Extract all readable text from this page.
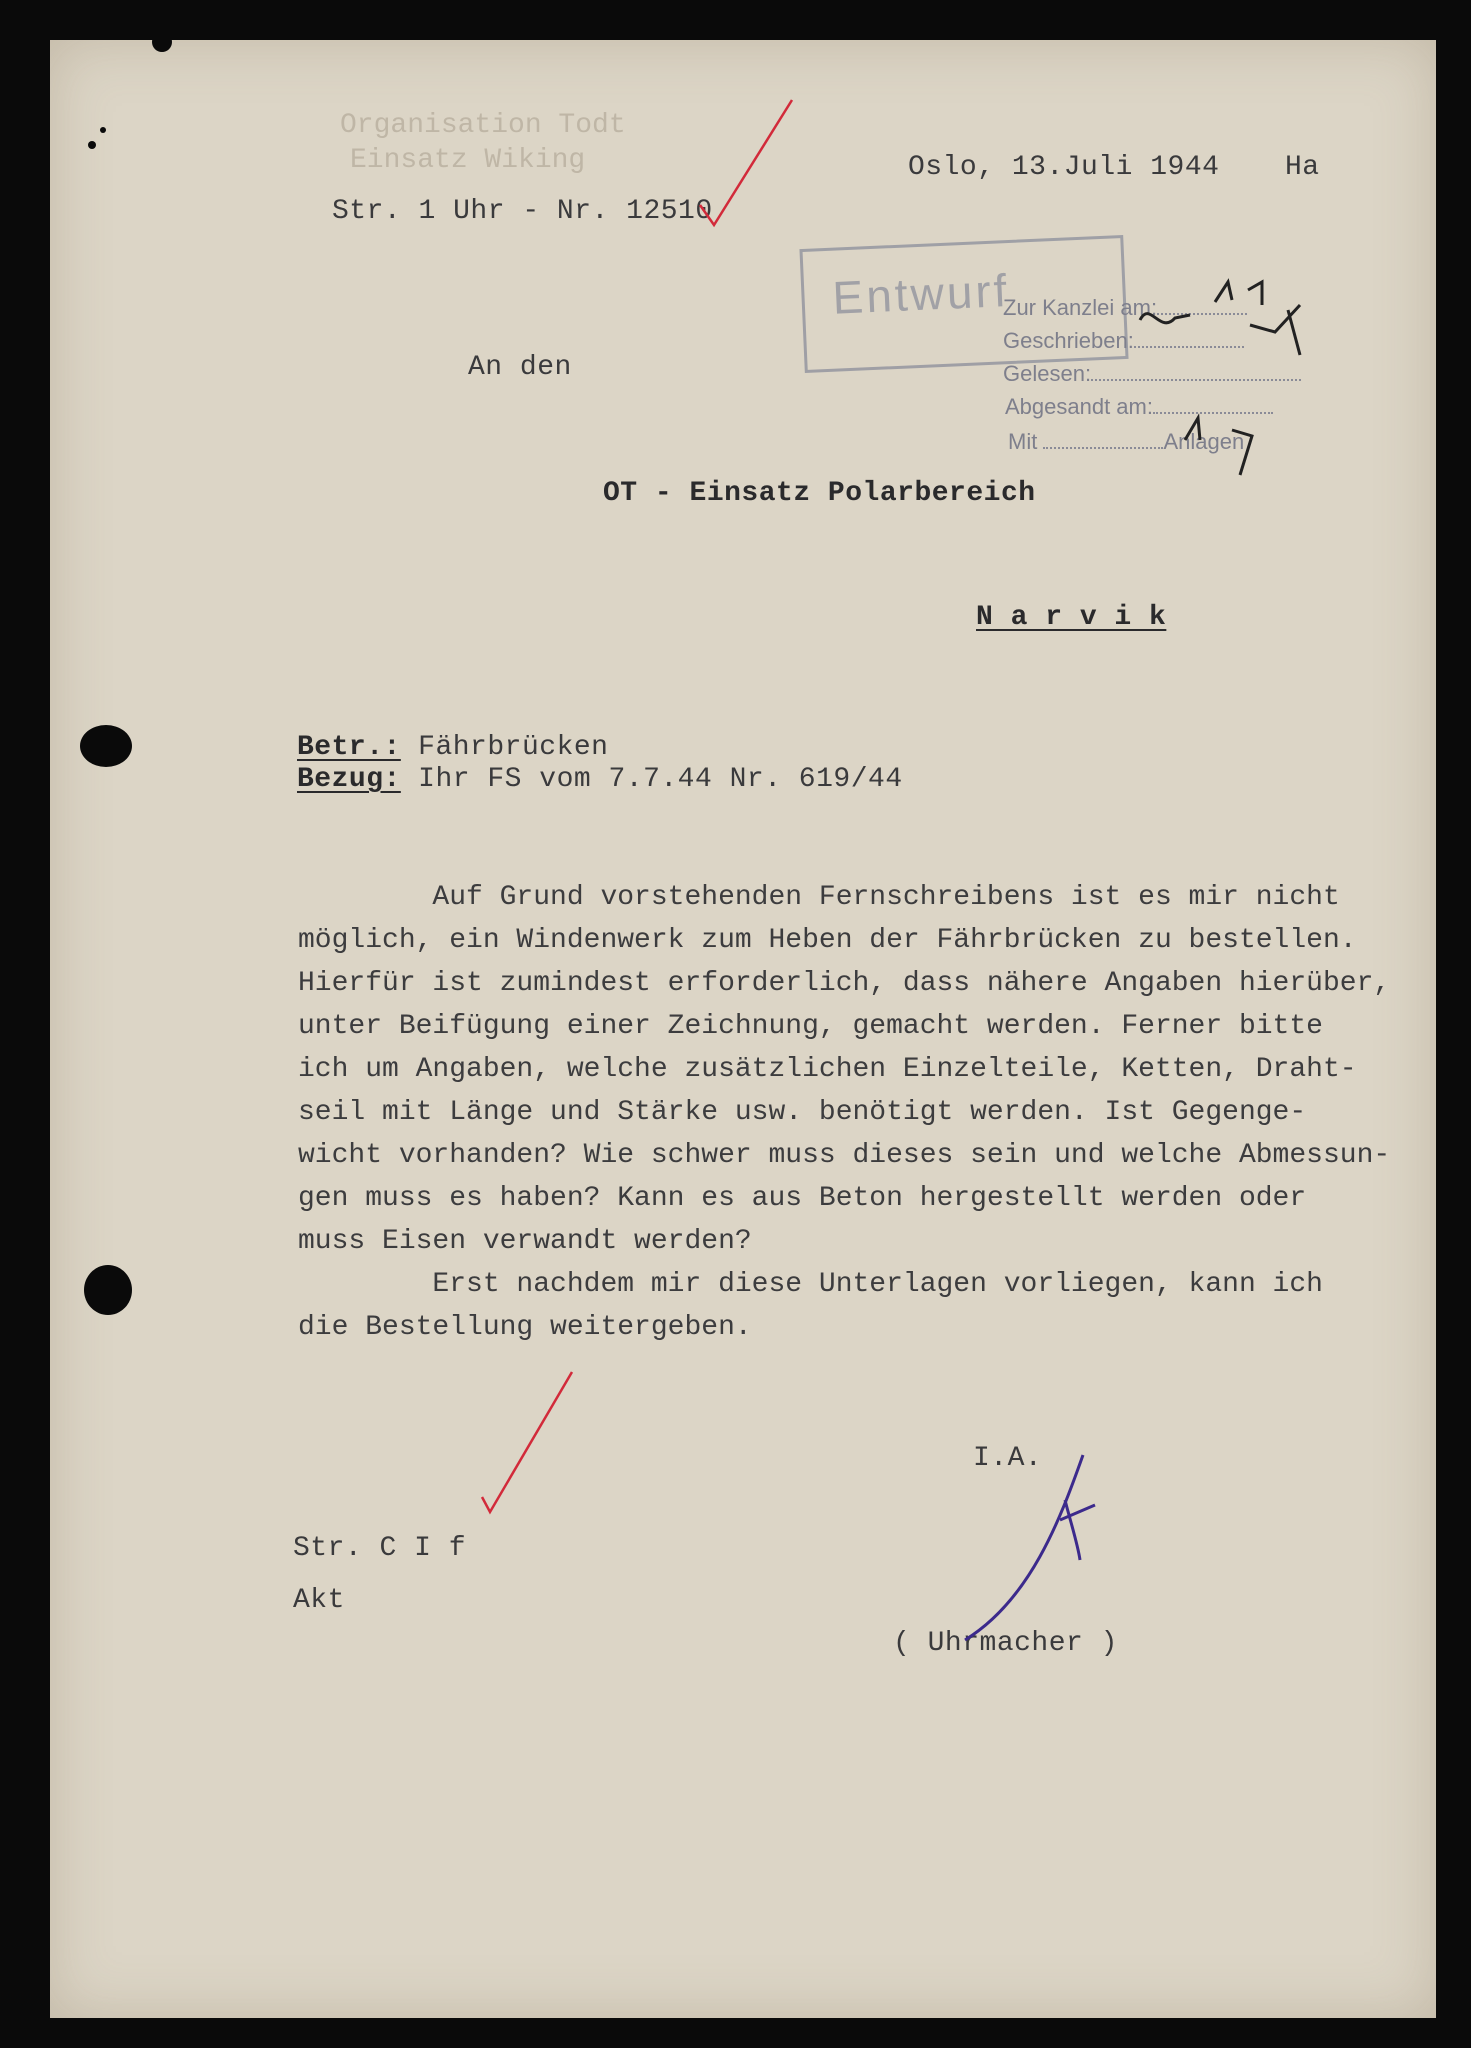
Organisation Todt
Einsatz Wiking	Oslo, 13.Juli 1944 Ha
Str. 1 Uhr - Nr. 12510
Entwurf
Zur Kanzlei am:
Geschrieben:
Gelesen:
Abgesandt am:
Mit	Anlagen
An den
OT - Einsatz Polarbereich
N a r v i k
Betr.: Fährbrücken
Bezug: Ihr FS vom 7.7.44 Nr. 619/44
Auf Grund vorstehenden Fernschreibens ist es mir nicht
möglich, ein Windenwerk zum Heben der Fährbrücken zu bestellen.
Hierfür ist zumindest erforderlich, dass nähere Angaben hierüber,
unter Beifügung einer Zeichnung, gemacht werden. Ferner bitte
ich um Angaben, welche zusätzlichen Einzelteile, Ketten, Draht-
seil mit Länge und Stärke usw. benötigt werden. Ist Gegenge-
wicht vorhanden? Wie schwer muss dieses sein und welche Abmessun-
gen muss es haben? Kann es aus Beton hergestellt werden oder
muss Eisen verwandt werden?
Erst nachdem mir diese Unterlagen vorliegen, kann ich
die Bestellung weitergeben.
I.A.
( Uhrmacher )
Str. C I f
Akt
